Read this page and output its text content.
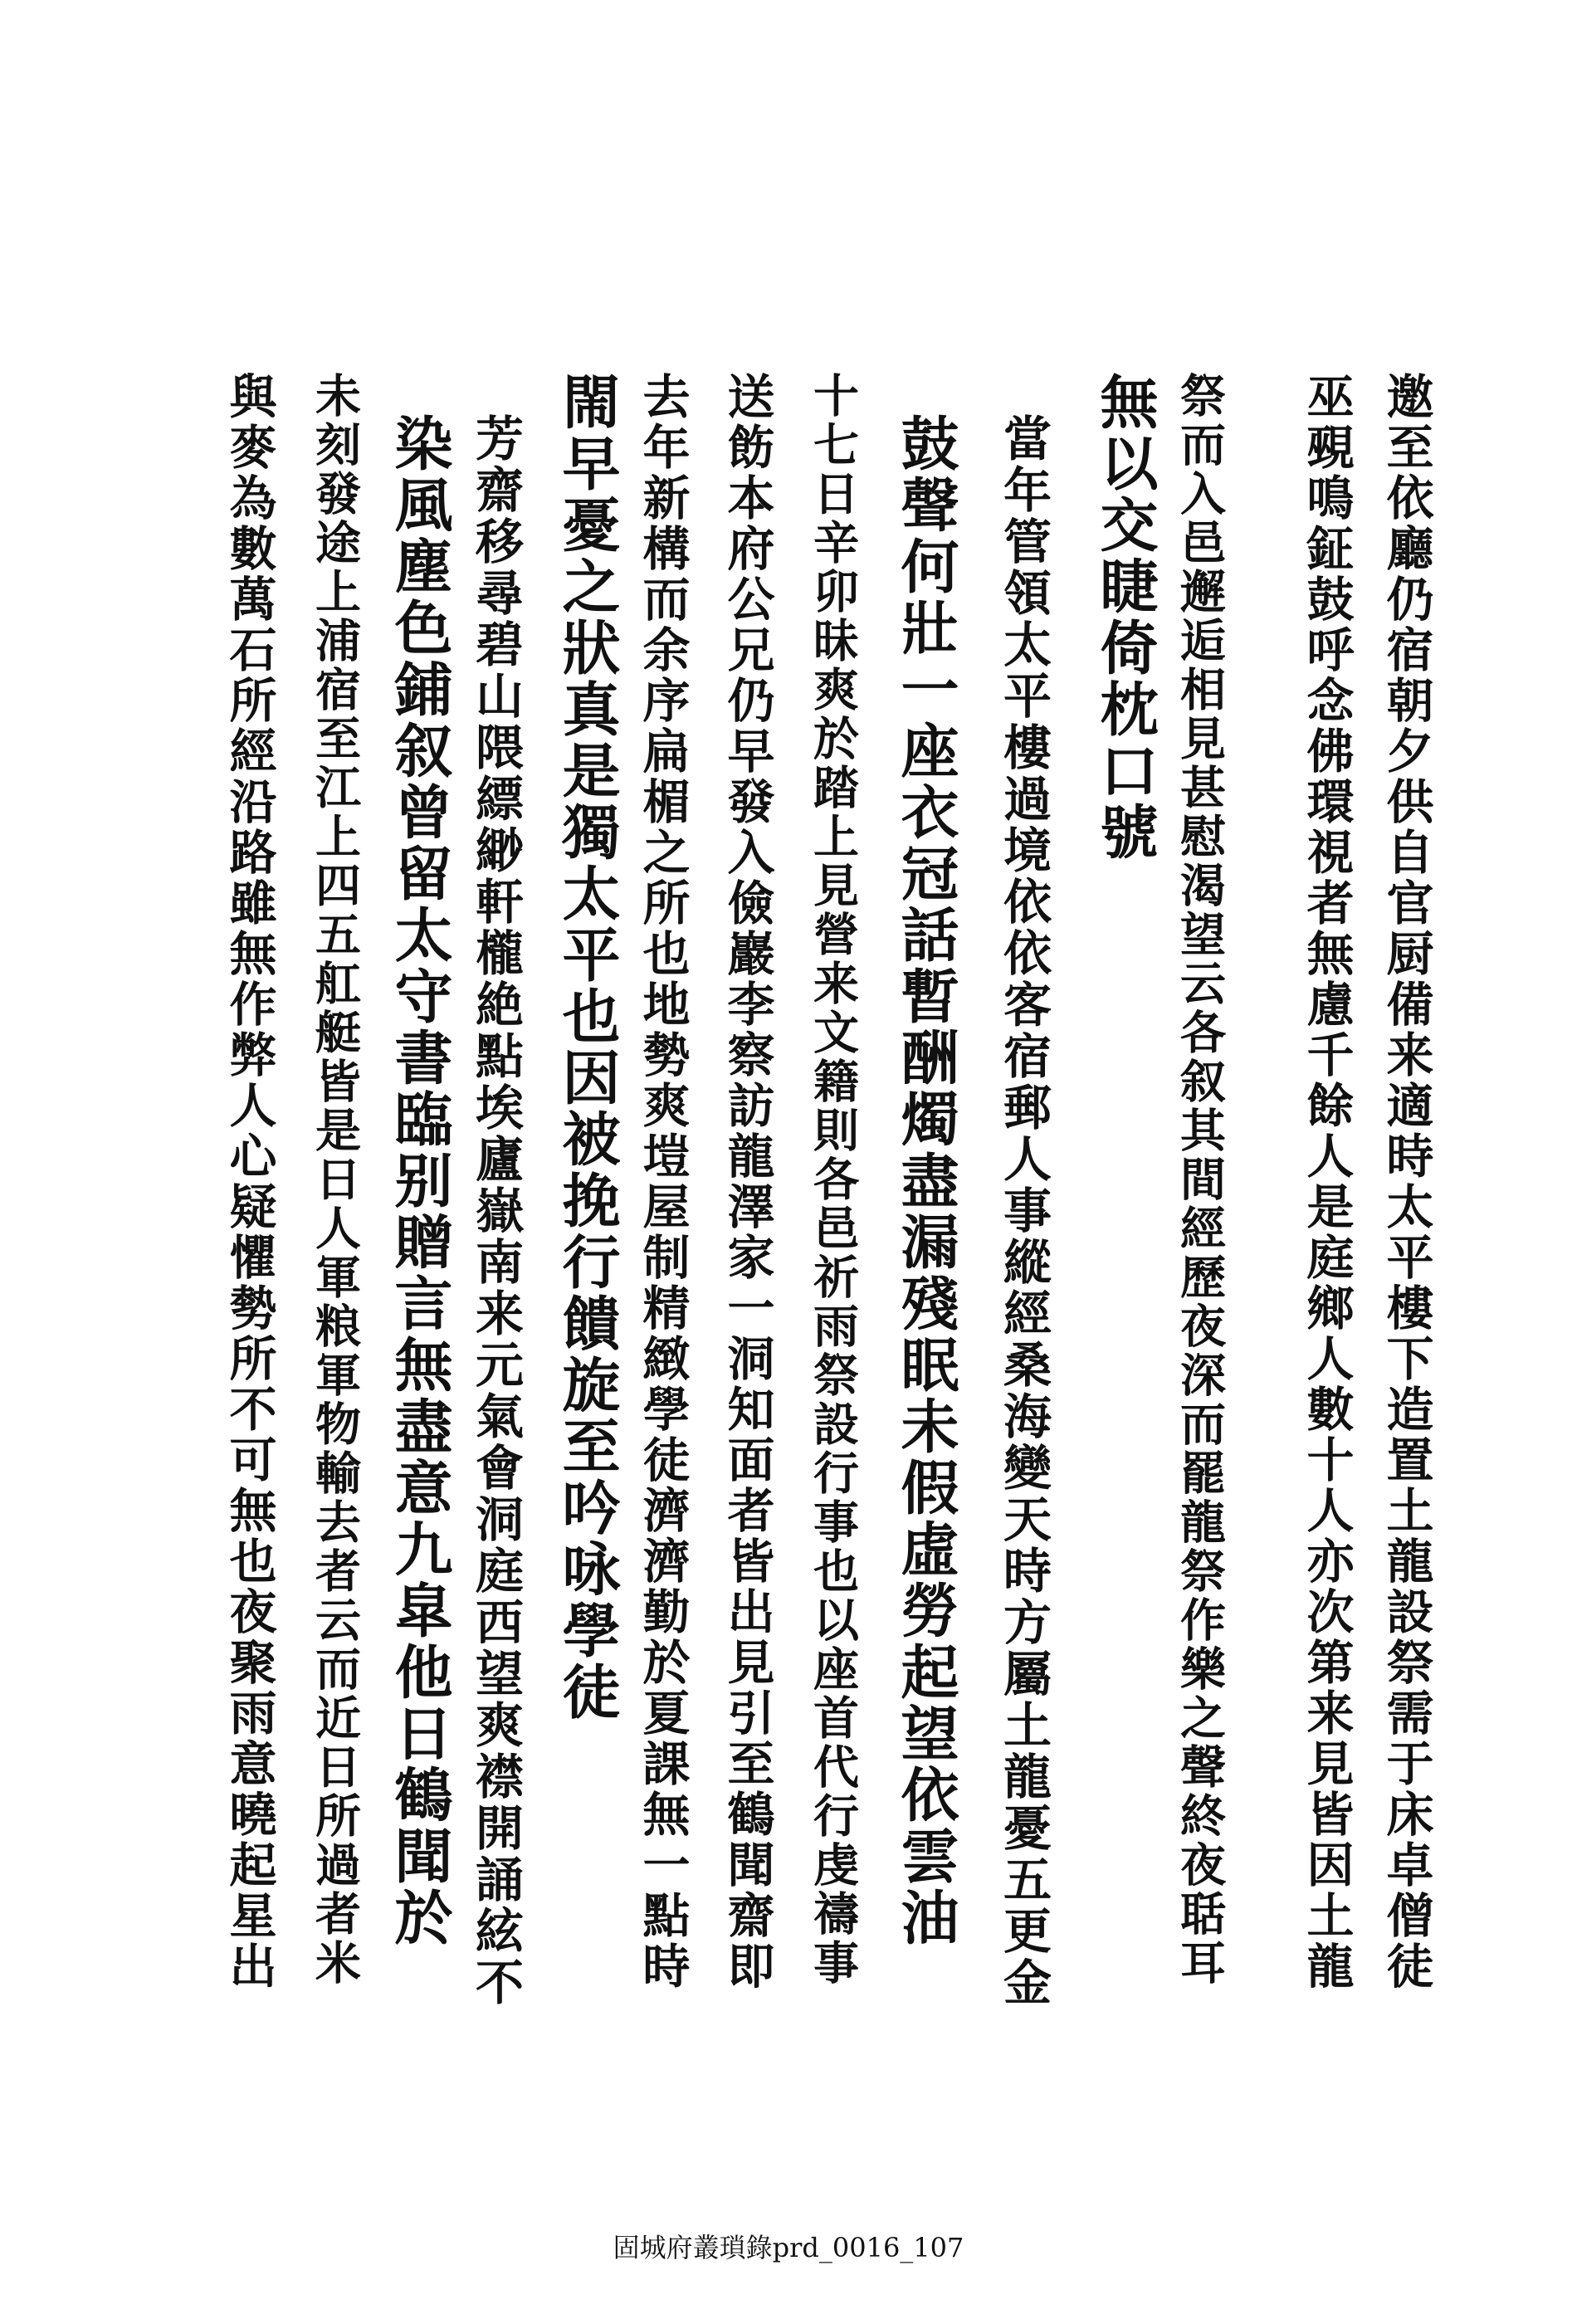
邀至依廳仍宿朝夕供自官厨備来適時太平樓下造置土龍設祭需于床卓僧徒
巫覡鳴鉦鼓呼念佛環視者無慮千餘人是庭鄉人數十人亦次第来見皆因土龍
祭而入邑邂逅相見甚慰渴望云各叙其間經歷夜深而罷龍祭作樂之聲終夜聒耳
無以交睫倚枕口號
當年管領太平樓過境依依客宿郵人事縱經桑海變天時方屬土龍憂五更金
鼓聲何壯一座衣冠話暫酬燭盡漏殘眠未假虛勞起望依雲油
十七日辛卯昧爽於踏上見營来文籍則各邑祈雨祭設行事也以座首代行虔禱事
送飭本府公兄仍早發入儉巖李察訪龍澤家一洞知面者皆出見引至鶴聞齋即
去年新構而余序扁楣之所也地勢爽塏屋制精緻學徒濟濟勤於夏課無一點時
閙早憂之狀真是獨太平也因被挽行饋旋至吟咏學徒
芳齋移尋碧山隈縹緲軒櫳絶點埃廬嶽南来元氣會洞庭西望爽襟開誦絃不
染風塵色鋪叙曾留太守書臨别贈言無盡意九皐他日鶴聞於
未刻發途上浦宿至江上四五舡艇皆是日人軍粮軍物輸去者云而近日所過者米
與麥為數萬石所經沿路雖無作弊人心疑懼勢所不可無也夜聚雨意曉起星出
固城府叢瑣錄prd_0016_107
